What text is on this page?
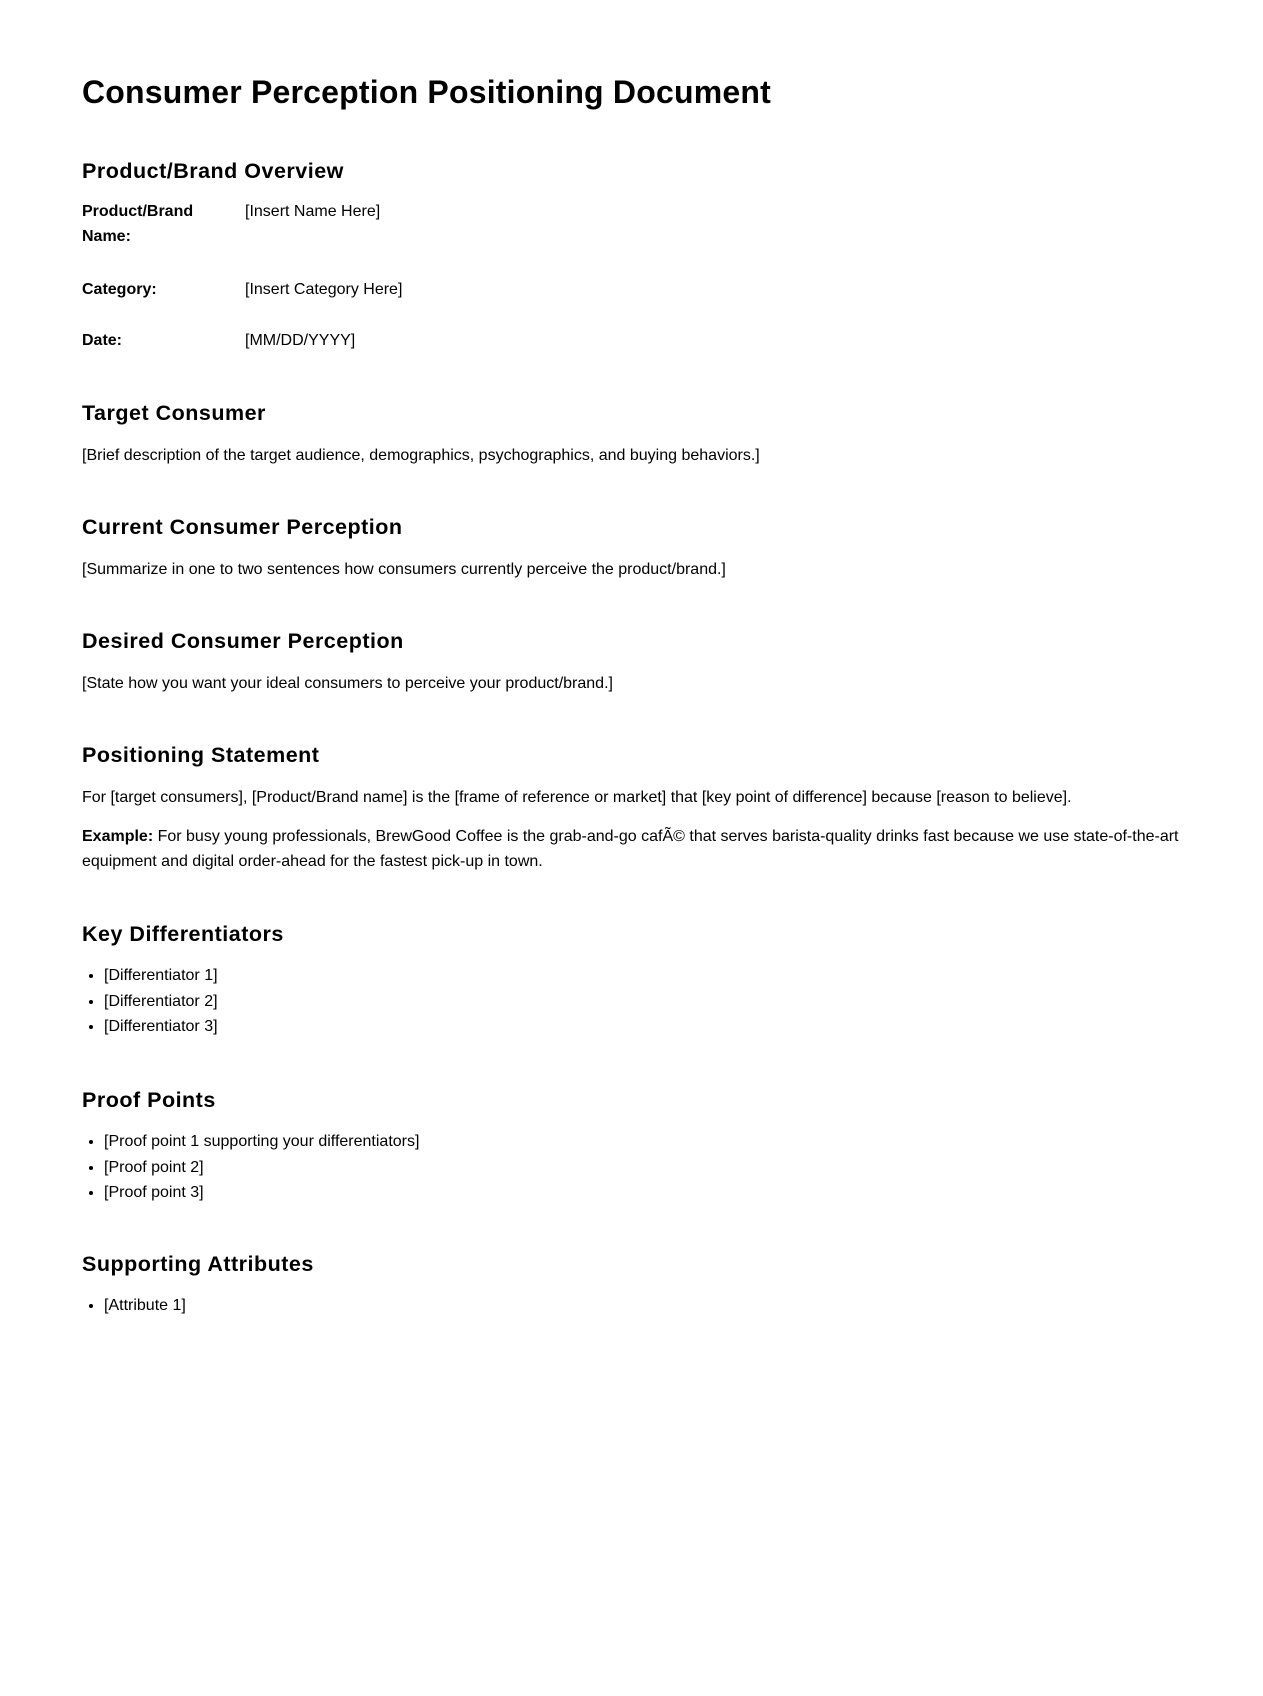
Consumer Perception Positioning Document
Product/Brand Overview
Product/Brand Name:
[Insert Name Here]
Category:	[Insert Category Here]
Date:	[MM/DD/YYYY]
Target Consumer

[Brief description of the target audience, demographics, psychographics, and buying behaviors.]

Current Consumer Perception

[Summarize in one to two sentences how consumers currently perceive the product/brand.]

Desired Consumer Perception

[State how you want your ideal consumers to perceive your product/brand.]

Positioning Statement

For [target consumers], [Product/Brand name] is the [frame of reference or market] that [key point of difference] because [reason to believe].

Example: For busy young professionals, BrewGood Coffee is the grab-and-go cafÃ© that serves barista-quality drinks fast because we use state-of-the-art equipment and digital order-ahead for the fastest pick-up in town.

Key Differentiators
• [Differentiator 1]
• [Differentiator 2]
• [Differentiator 3]
Proof Points
• [Proof point 1 supporting your differentiators]
• [Proof point 2]
• [Proof point 3]
Supporting Attributes
• [Attribute 1]
